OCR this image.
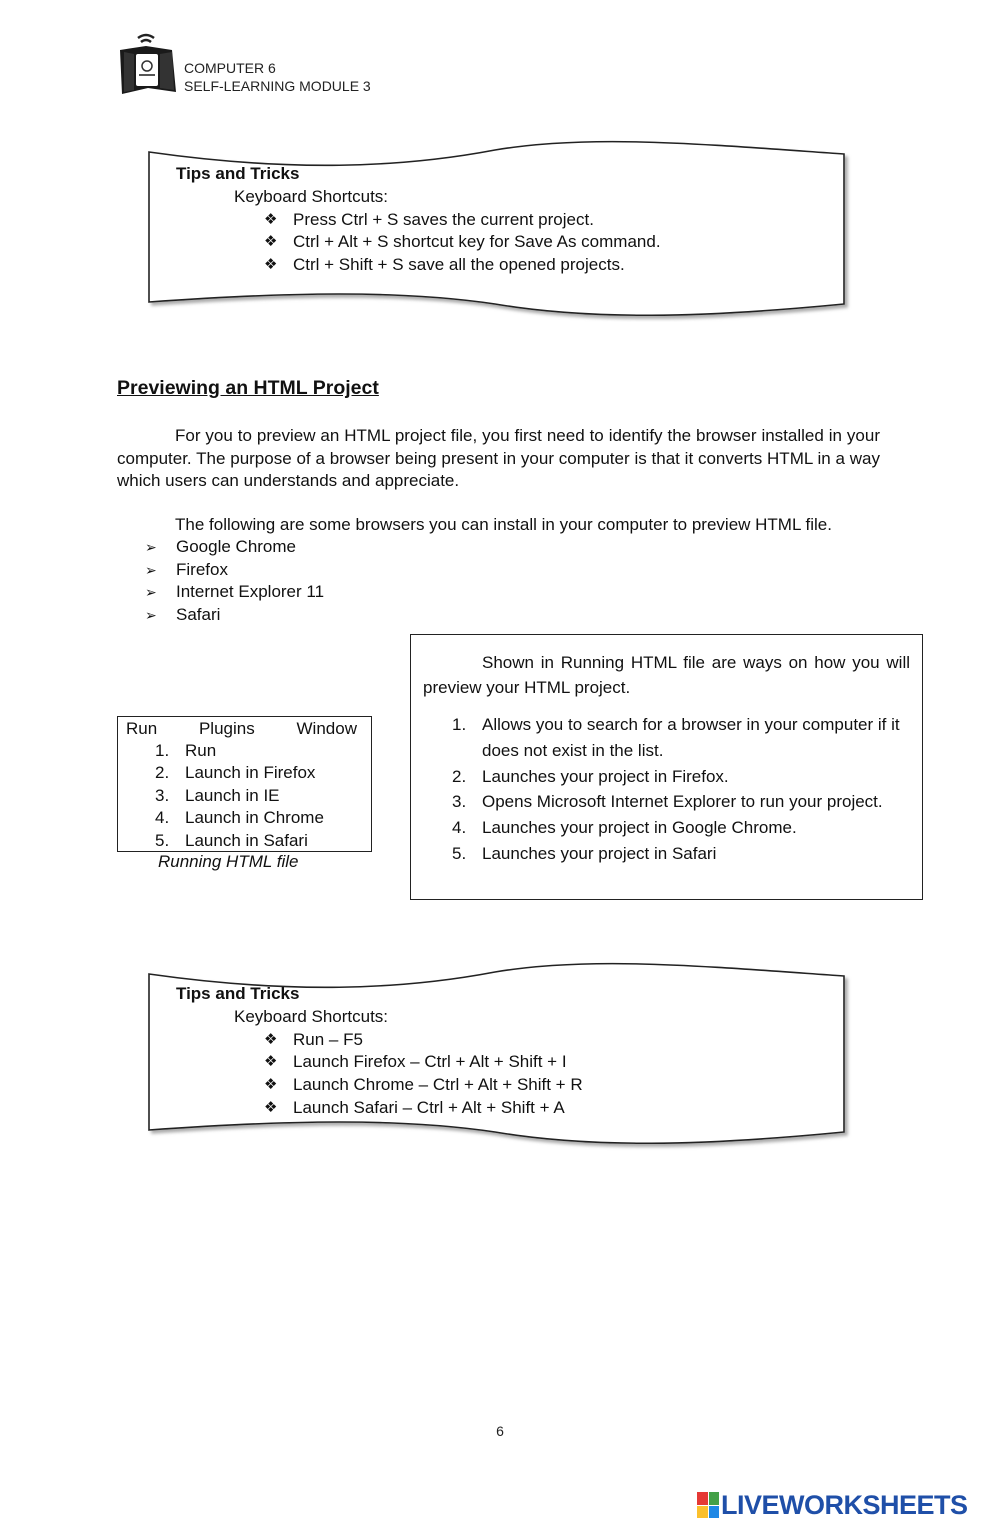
COMPUTER 6
SELF-LEARNING MODULE 3
Tips and Tricks
Keyboard Shortcuts:
❖ Press Ctrl + S saves the current project.
❖ Ctrl + Alt + S shortcut key for Save As command.
❖ Ctrl + Shift + S save all the opened projects.
Previewing an HTML Project
For you to preview an HTML project file, you first need to identify the browser installed in your computer. The purpose of a browser being present in your computer is that it converts HTML in a way which users can understands and appreciate.
The following are some browsers you can install in your computer to preview HTML file.
➢ Google Chrome
➢ Firefox
➢ Internet Explorer 11
➢ Safari
Run Plugins Window
1. Run
2. Launch in Firefox
3. Launch in IE
4. Launch in Chrome
5. Launch in Safari
Running HTML file
Shown in Running HTML file are ways on how you will preview your HTML project.
1. Allows you to search for a browser in your computer if it does not exist in the list.
2. Launches your project in Firefox.
3. Opens Microsoft Internet Explorer to run your project.
4. Launches your project in Google Chrome.
5. Launches your project in Safari
Tips and Tricks
Keyboard Shortcuts:
❖ Run – F5
❖ Launch Firefox – Ctrl + Alt + Shift + I
❖ Launch Chrome – Ctrl + Alt + Shift + R
❖ Launch Safari – Ctrl + Alt + Shift + A
6
LIVEWORKSHEETS
